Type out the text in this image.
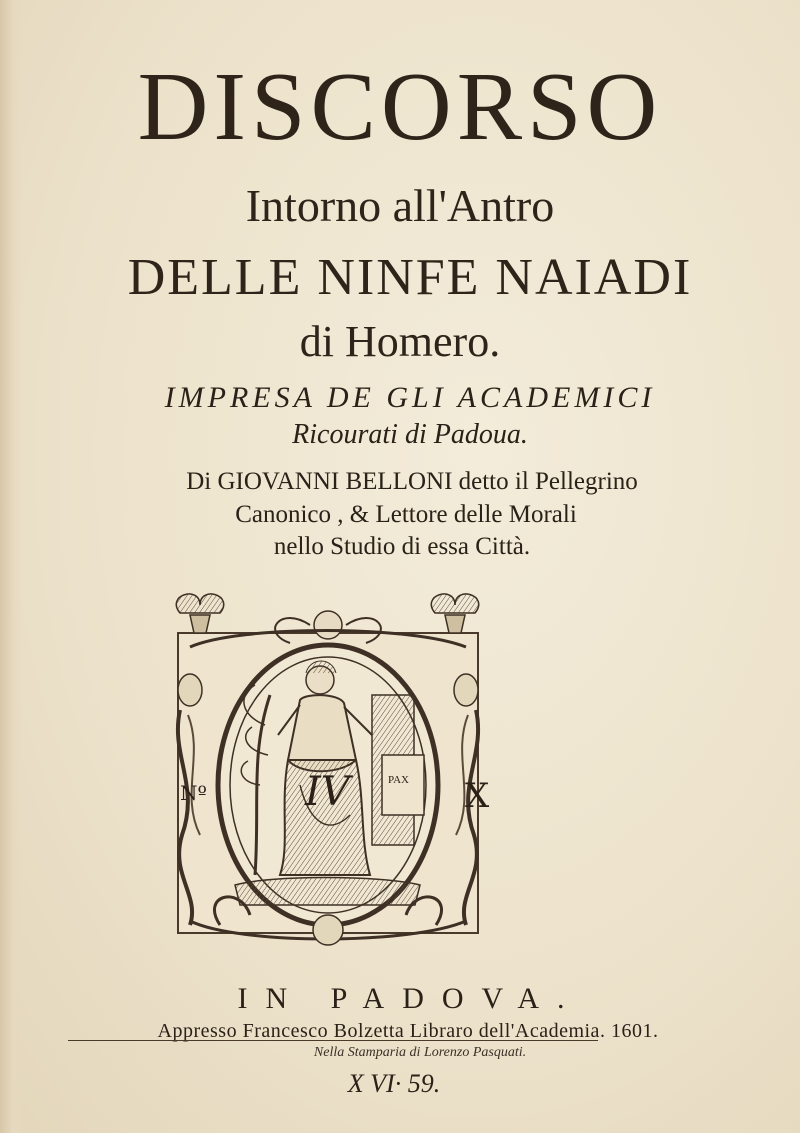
DISCORSO
Intorno all'Antro
DELLE NINFE NAIADI
di Homero.
IMPRESA DE GLI ACADEMICI
Ricourati di Padoua.
Di GIOVANNI BELLONI detto il Pellegrino
Canonico , & Lettore delle Morali
nello Studio di essa Città.
PAX
Nº IV	X
IN PADOVA.
Appresso Francesco Bolzetta Libraro dell'Academia. 1601.
Nella Stamparia di Lorenzo Pasquati.
X VI· 59.
